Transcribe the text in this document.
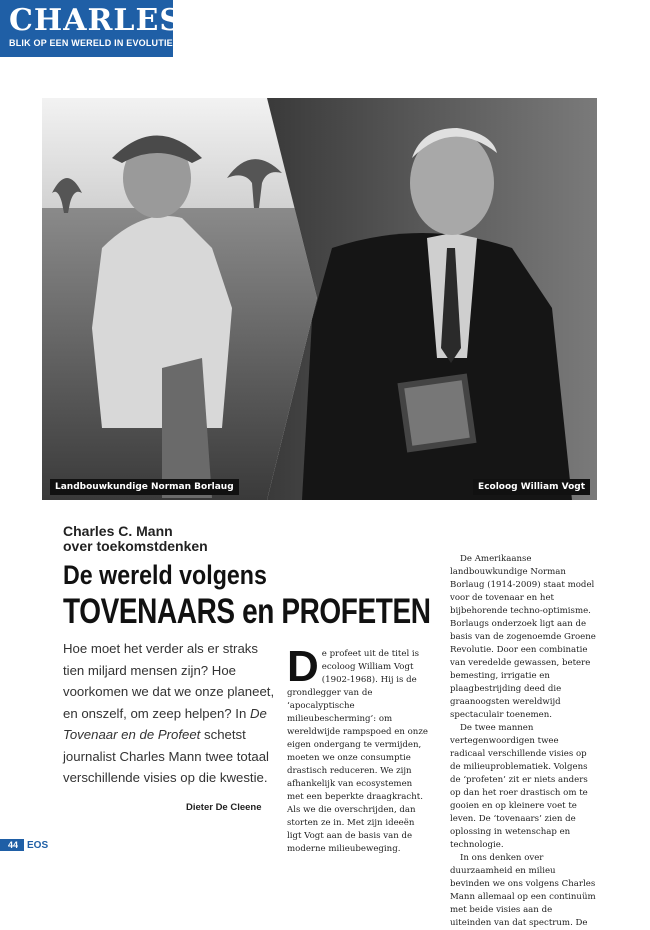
CHARLES
BLIK OP EEN WERELD IN EVOLUTIE
Landbouwkundige Norman Borlaug	Ecoloog William Vogt
Charles C. Mann
over toekomstdenken
De wereld volgens
TOVENAARS en PROFETEN
Hoe moet het verder als er straks tien miljard mensen zijn? Hoe voorkomen we dat we onze planeet, en onszelf, om zeep helpen? In De Tovenaar en de Profeet schetst journalist Charles Mann twee totaal verschillende visies op die kwestie.
Dieter De Cleene

De profeet uit de titel is ecoloog William Vogt (1902-1968). Hij is de grondlegger van de ‘apocalyptische milieubescherming’: om wereldwijde rampspoed en onze eigen ondergang te vermijden, moeten we onze consumptie drastisch reduceren. We zijn afhankelijk van ecosystemen met een beperkte draagkracht. Als we die overschrijden, dan storten ze in. Met zijn ideeën ligt Vogt aan de basis van de moderne milieubeweging.

De Amerikaanse landbouwkundige Norman Borlaug (1914-2009) staat model voor de tovenaar en het bijbehorende techno-optimisme. Borlaugs onderzoek ligt aan de basis van de zogenoemde Groene Revolutie. Door een combinatie van veredelde gewassen, betere bemesting, irrigatie en plaagbestrijding deed die graanoogsten wereldwijd spectaculair toenemen.

De twee mannen vertegenwoordigen twee radicaal verschillende visies op de milieuproblematiek. Volgens de ‘profeten’ zit er niets anders op dan het roer drastisch om te gooien en op kleinere voet te leven. De ‘tovenaars’ zien de oplossing in wetenschap en technologie.

In ons denken over duurzaamheid en milieu bevinden we ons volgens Charles Mann allemaal op een continuüm met beide visies aan de uiteinden van dat spectrum. De

44 EOS
